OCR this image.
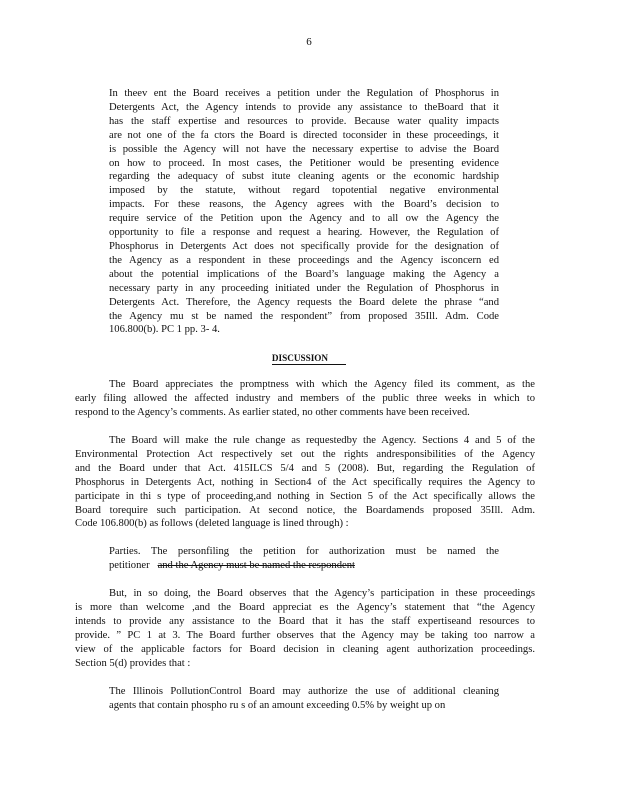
6
In theev ent the Board receives a petition under the Regulation of Phosphorus in
Detergents Act, the Agency intends to provide any assistance to theBoard that it
has the staff expertise and resources to provide. Because water quality impacts
are not one of the fa ctors the Board is directed toconsider in these proceedings, it
is possible the Agency will not have the necessary expertise to advise the Board
on how to proceed. In most cases, the Petitioner would be presenting evidence
regarding the adequacy of subst itute cleaning agents or the economic hardship
imposed by the statute, without regard topotential negative environmental
impacts. For these reasons, the Agency agrees with the Board’s decision to
require service of the Petition upon the Agency and to all ow the Agency the
opportunity to file a response and request a hearing. However, the Regulation of
Phosphorus in Detergents Act does not specifically provide for the designation of
the Agency as a respondent in these proceedings and the Agency isconcern ed
about the potential implications of the Board’s language making the Agency a
necessary party in any proceeding initiated under the Regulation of Phosphorus in
Detergents Act. Therefore, the Agency requests the Board delete the phrase “and
the Agency mu st be named the respondent” from proposed 35Ill. Adm. Code
106.800(b). PC 1 pp. 3- 4.
DISCUSSION
The Board appreciates the promptness with which the Agency filed its comment, as the
early filing allowed the affected industry and members of the public three weeks in which to
respond to the Agency’s comments. As earlier stated, no other comments have been received.
The Board will make the rule change as requestedby the Agency. Sections 4 and 5 of the
Environmental Protection Act respectively set out the rights andresponsibilities of the Agency
and the Board under that Act. 415ILCS 5/4 and 5 (2008). But, regarding the Regulation of
Phosphorus in Detergents Act, nothing in Section4 of the Act specifically requires the Agency to
participate in thi s type of proceeding,and nothing in Section 5 of the Act specifically allows the
Board torequire such participation. At second notice, the Boardamends proposed 35Ill. Adm.
Code 106.800(b) as follows (deleted language is lined through) :
Parties. The personfiling the petition for authorization must be named the
petitioner and the Agency must be named the respondent
But, in so doing, the Board observes that the Agency’s participation in these proceedings
is more than welcome ,and the Board appreciat es the Agency’s statement that “the Agency
intends to provide any assistance to the Board that it has the staff expertiseand resources to
provide. ” PC 1 at 3. The Board further observes that the Agency may be taking too narrow a
view of the applicable factors for Board decision in cleaning agent authorization proceedings.
Section 5(d) provides that :
The Illinois PollutionControl Board may authorize the use of additional cleaning
agents that contain phospho ru s of an amount exceeding 0.5% by weight up on
